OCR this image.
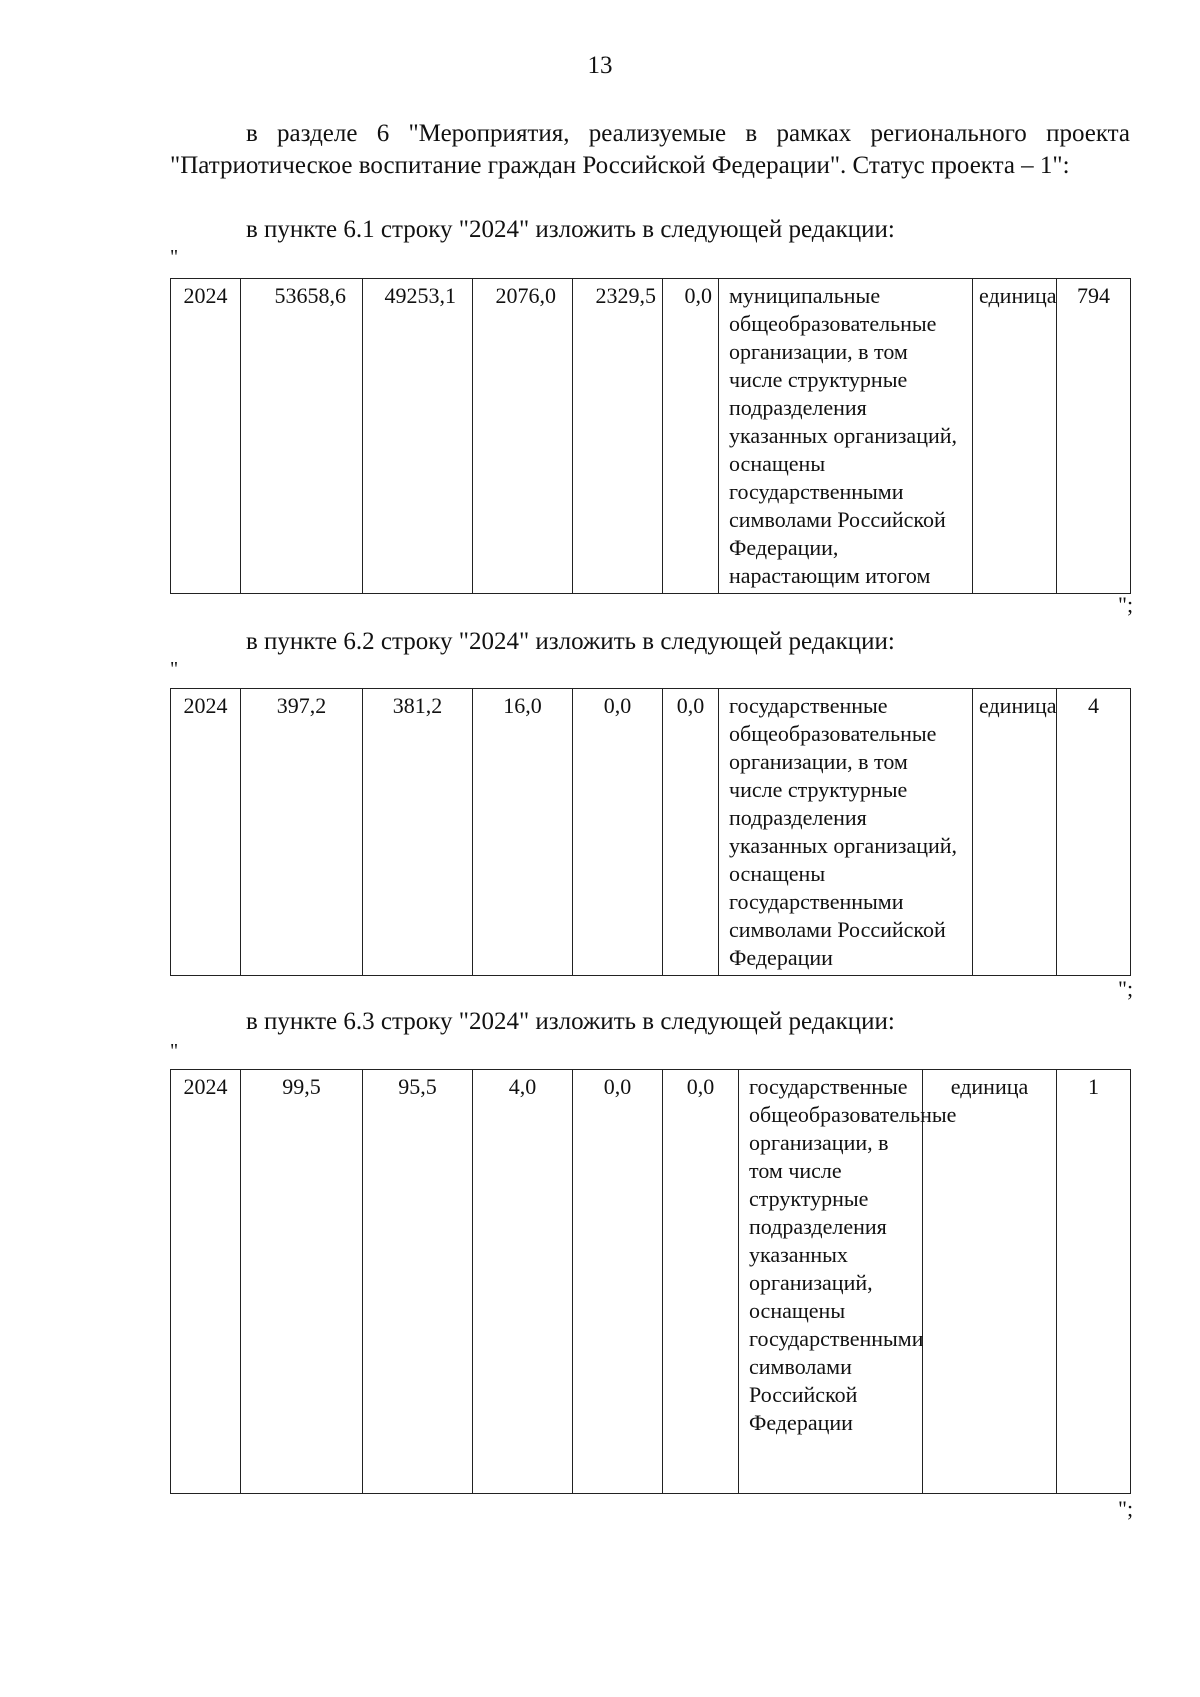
13
в разделе 6 "Мероприятия, реализуемые в рамках регионального проекта "Патриотическое воспитание граждан Российской Федерации". Статус проекта – 1":
в пункте 6.1 строку "2024" изложить в следующей редакции:
"
2024	53658,6	49253,1	2076,0	2329,5	0,0	муниципальные общеобразовательные организации, в том числе структурные подразделения указанных организаций, оснащены государственными символами Российской Федерации, нарастающим итогом	единица	794
";
в пункте 6.2 строку "2024" изложить в следующей редакции:
"
2024	397,2	381,2	16,0	0,0	0,0	государственные общеобразовательные организации, в том числе структурные подразделения указанных организаций, оснащены государственными символами Российской Федерации	единица	4
";
в пункте 6.3 строку "2024" изложить в следующей редакции:
"
2024	99,5	95,5	4,0	0,0	0,0	государственные общеобразовательные организации, в том числе структурные подразделения указанных организаций, оснащены государственными символами Российской Федерации	единица	1
";
